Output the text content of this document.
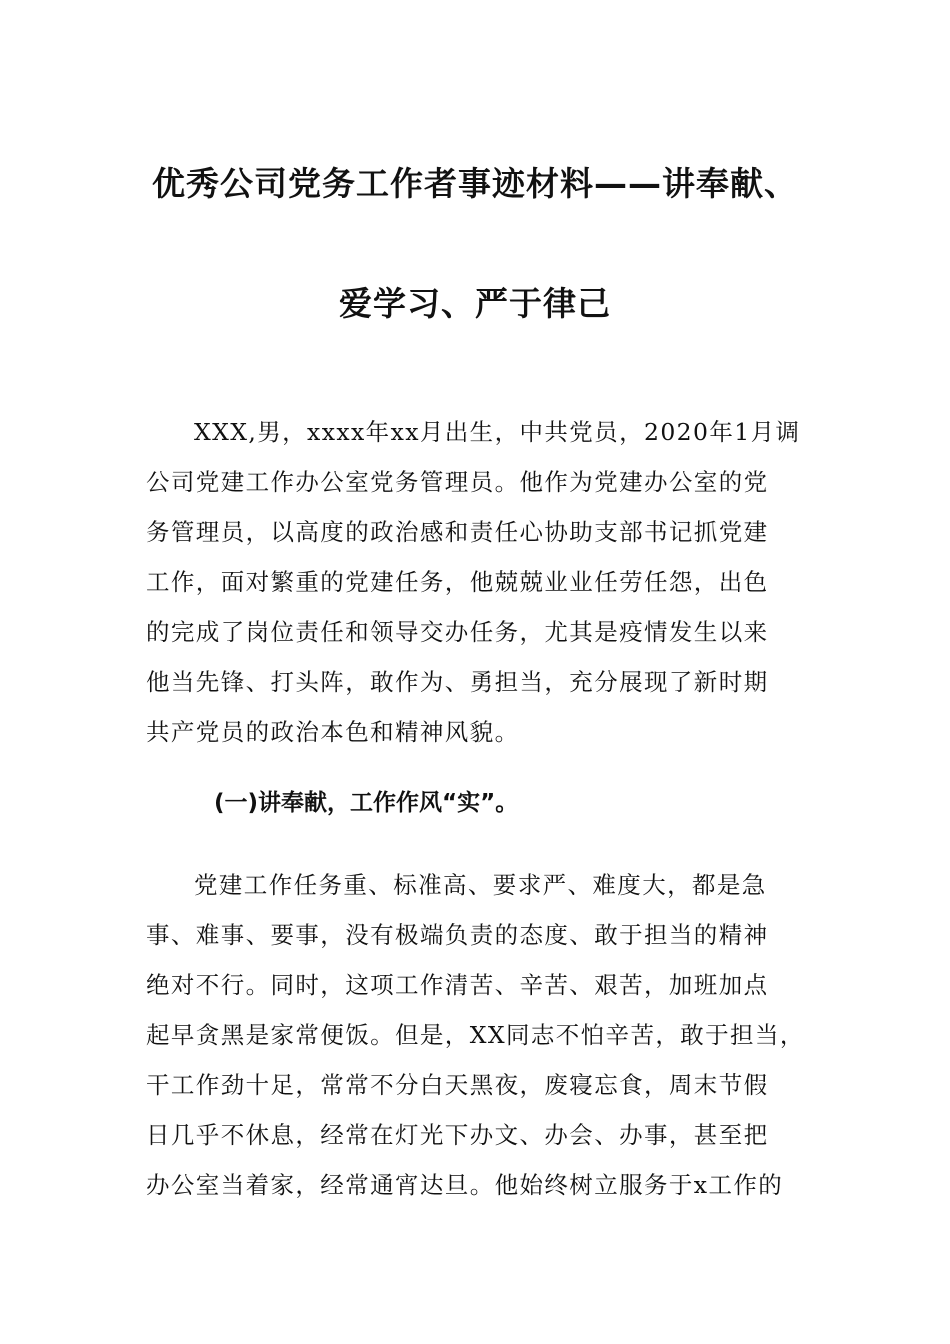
优秀公司党务工作者事迹材料——讲奉献、
爱学习、严于律己
XXX,男，xxxx年xx月出生，中共党员，2020年1月调
公司党建工作办公室党务管理员。他作为党建办公室的党
务管理员，以高度的政治感和责任心协助支部书记抓党建
工作，面对繁重的党建任务，他兢兢业业任劳任怨，出色
的完成了岗位责任和领导交办任务，尤其是疫情发生以来
他当先锋、打头阵，敢作为、勇担当，充分展现了新时期
共产党员的政治本色和精神风貌。
(一)讲奉献，工作作风“实”。
党建工作任务重、标准高、要求严、难度大，都是急
事、难事、要事，没有极端负责的态度、敢于担当的精神
绝对不行。同时，这项工作清苦、辛苦、艰苦，加班加点
起早贪黑是家常便饭。但是，XX同志不怕辛苦，敢于担当，
干工作劲十足，常常不分白天黑夜，废寝忘食，周末节假
日几乎不休息，经常在灯光下办文、办会、办事，甚至把
办公室当着家，经常通宵达旦。他始终树立服务于x工作的
